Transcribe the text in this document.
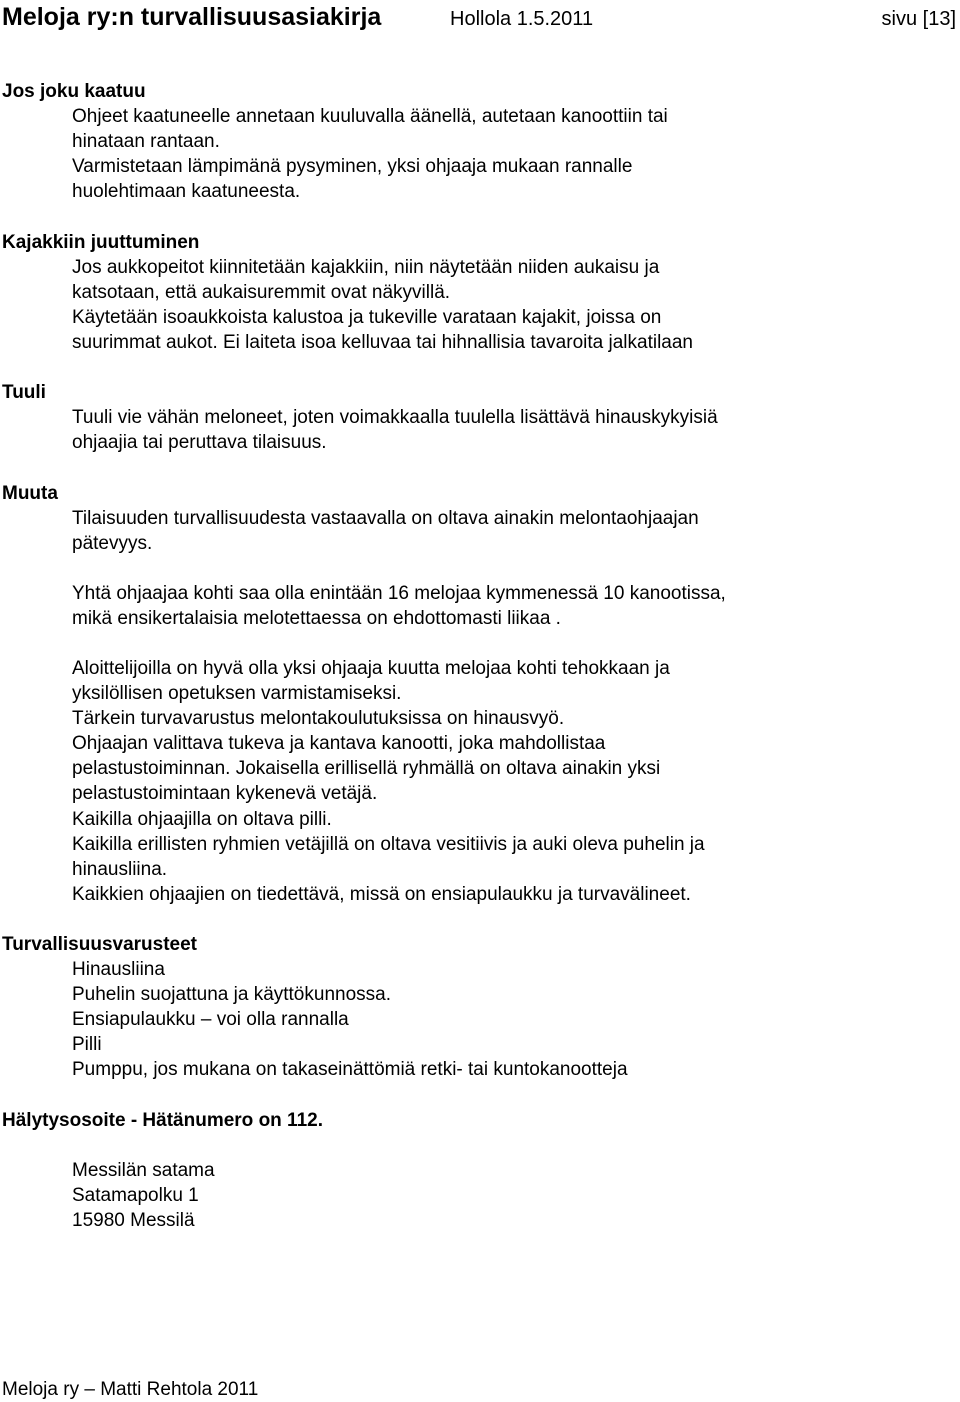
Meloja ry:n turvallisuusasiakirja	Hollola 1.5.2011	sivu [13]
Jos joku kaatuu
Ohjeet kaatuneelle annetaan kuuluvalla äänellä, autetaan kanoottiin tai
hinataan rantaan.
Varmistetaan lämpimänä pysyminen, yksi ohjaaja mukaan rannalle
huolehtimaan kaatuneesta.
Kajakkiin juuttuminen
Jos aukkopeitot kiinnitetään kajakkiin, niin näytetään niiden aukaisu ja
katsotaan, että aukaisuremmit ovat näkyvillä.
Käytetään isoaukkoista kalustoa ja tukeville varataan kajakit, joissa on
suurimmat aukot. Ei laiteta isoa kelluvaa tai hihnallisia tavaroita jalkatilaan
Tuuli
Tuuli vie vähän meloneet, joten voimakkaalla tuulella lisättävä hinauskykyisiä
ohjaajia tai peruttava tilaisuus.
Muuta
Tilaisuuden turvallisuudesta vastaavalla on oltava ainakin melontaohjaajan
pätevyys.
Yhtä ohjaajaa kohti saa olla enintään 16 melojaa kymmenessä 10 kanootissa,
mikä ensikertalaisia melotettaessa on ehdottomasti liikaa .
Aloittelijoilla on hyvä olla yksi ohjaaja kuutta melojaa kohti tehokkaan ja
yksilöllisen opetuksen varmistamiseksi.
Tärkein turvavarustus melontakoulutuksissa on hinausvyö.
Ohjaajan valittava tukeva ja kantava kanootti, joka mahdollistaa
pelastustoiminnan. Jokaisella erillisellä ryhmällä on oltava ainakin yksi
pelastustoimintaan kykenevä vetäjä.
Kaikilla ohjaajilla on oltava pilli.
Kaikilla erillisten ryhmien vetäjillä on oltava vesitiivis ja auki oleva puhelin ja
hinausliina.
Kaikkien ohjaajien on tiedettävä, missä on ensiapulaukku ja turvavälineet.
Turvallisuusvarusteet
Hinausliina
Puhelin suojattuna ja käyttökunnossa.
Ensiapulaukku – voi olla rannalla
Pilli
Pumppu, jos mukana on takaseinättömiä retki- tai kuntokanootteja
Hälytysosoite - Hätänumero on 112.
Messilän satama
Satamapolku 1
15980 Messilä
Meloja ry – Matti Rehtola 2011
